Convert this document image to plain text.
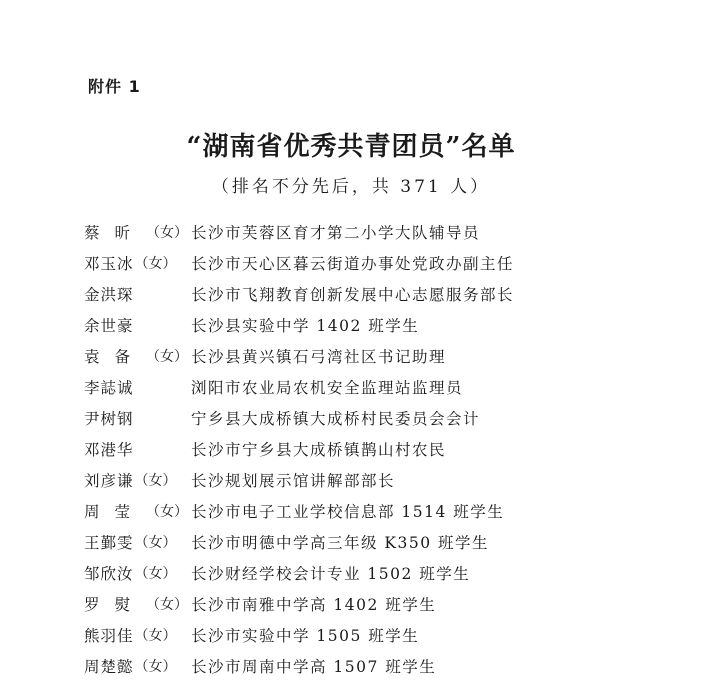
附件 1
“湖南省优秀共青团员”名单
（排名不分先后，共 371 人）
蔡昕 （女） 长沙市芙蓉区育才第二小学大队辅导员
邓玉冰 （女） 长沙市天心区暮云街道办事处党政办副主任
金洪琛	长沙市飞翔教育创新发展中心志愿服务部长
余世豪	长沙县实验中学 1402 班学生
袁备 （女） 长沙县黄兴镇石弓湾社区书记助理
李誌诚	浏阳市农业局农机安全监理站监理员
尹树钢	宁乡县大成桥镇大成桥村民委员会会计
邓港华	长沙市宁乡县大成桥镇鹊山村农民
刘彦谦 （女） 长沙规划展示馆讲解部部长
周莹 （女） 长沙市电子工业学校信息部 1514 班学生
王鄞雯 （女） 长沙市明德中学高三年级 K350 班学生
邹欣汝 （女） 长沙财经学校会计专业 1502 班学生
罗熨 （女） 长沙市南雅中学高 1402 班学生
熊羽佳 （女） 长沙市实验中学 1505 班学生
周楚懿 （女） 长沙市周南中学高 1507 班学生
